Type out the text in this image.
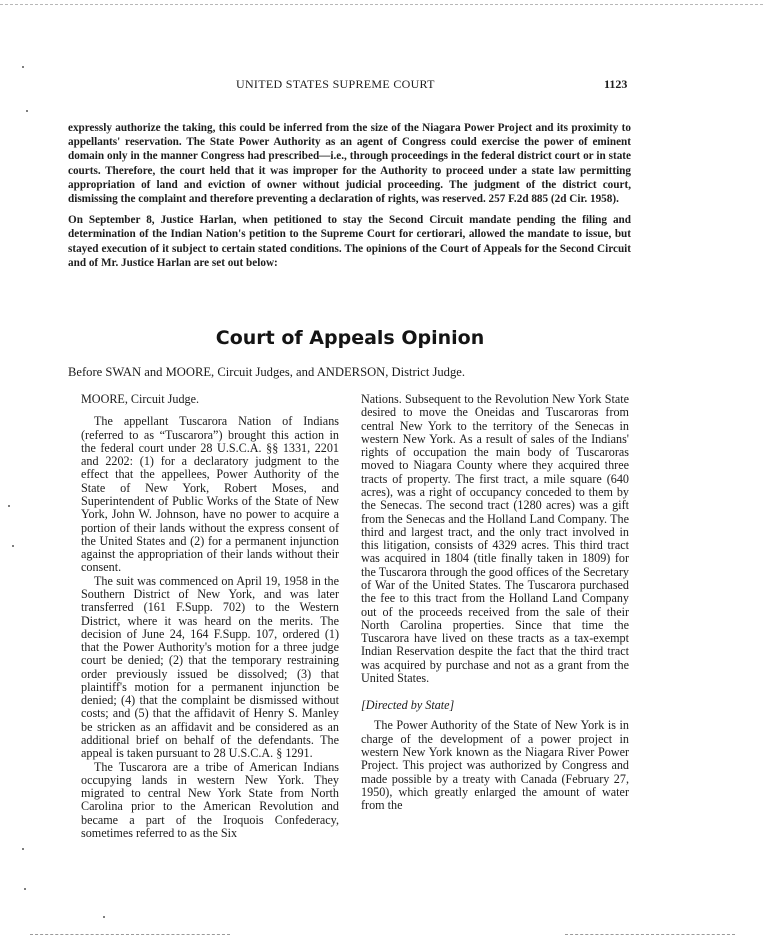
UNITED STATES SUPREME COURT	1123

expressly authorize the taking, this could be inferred from the size of the Niagara Power Project and its proximity to appellants' reservation. The State Power Authority as an agent of Congress could exercise the power of eminent domain only in the manner Congress had prescribed—i.e., through proceedings in the federal district court or in state courts. Therefore, the court held that it was improper for the Authority to proceed under a state law permitting appropriation of land and eviction of owner without judicial proceeding. The judgment of the district court, dismissing the complaint and therefore preventing a declaration of rights, was reserved. 257 F.2d 885 (2d Cir. 1958).

On September 8, Justice Harlan, when petitioned to stay the Second Circuit mandate pending the filing and determination of the Indian Nation's petition to the Supreme Court for certiorari, allowed the mandate to issue, but stayed execution of it subject to certain stated conditions. The opinions of the Court of Appeals for the Second Circuit and of Mr. Justice Harlan are set out below:

Court of Appeals Opinion
Before SWAN and MOORE, Circuit Judges, and ANDERSON, District Judge.

MOORE, Circuit Judge.

The appellant Tuscarora Nation of Indians (referred to as “Tuscarora”) brought this action in the federal court under 28 U.S.C.A. §§ 1331, 2201 and 2202: (1) for a declaratory judgment to the effect that the appellees, Power Authority of the State of New York, Robert Moses, and Superintendent of Public Works of the State of New York, John W. Johnson, have no power to acquire a portion of their lands without the express consent of the United States and (2) for a permanent injunction against the appropriation of their lands without their consent.

The suit was commenced on April 19, 1958 in the Southern District of New York, and was later transferred (161 F.Supp. 702) to the Western District, where it was heard on the merits. The decision of June 24, 164 F.Supp. 107, ordered (1) that the Power Authority's motion for a three judge court be denied; (2) that the temporary restraining order previously issued be dissolved; (3) that plaintiff's motion for a permanent injunction be denied; (4) that the complaint be dismissed without costs; and (5) that the affidavit of Henry S. Manley be stricken as an affidavit and be considered as an additional brief on behalf of the defendants. The appeal is taken pursuant to 28 U.S.C.A. § 1291.

The Tuscarora are a tribe of American Indians occupying lands in western New York. They migrated to central New York State from North Carolina prior to the American Revolution and became a part of the Iroquois Confederacy, sometimes referred to as the Six

Nations. Subsequent to the Revolution New York State desired to move the Oneidas and Tuscaroras from central New York to the territory of the Senecas in western New York. As a result of sales of the Indians' rights of occupation the main body of Tuscaroras moved to Niagara County where they acquired three tracts of property. The first tract, a mile square (640 acres), was a right of occupancy conceded to them by the Senecas. The second tract (1280 acres) was a gift from the Senecas and the Holland Land Company. The third and largest tract, and the only tract involved in this litigation, consists of 4329 acres. This third tract was acquired in 1804 (title finally taken in 1809) for the Tuscarora through the good offices of the Secretary of War of the United States. The Tuscarora purchased the fee to this tract from the Holland Land Company out of the proceeds received from the sale of their North Carolina properties. Since that time the Tuscarora have lived on these tracts as a tax-exempt Indian Reservation despite the fact that the third tract was acquired by purchase and not as a grant from the United States.

[Directed by State]

The Power Authority of the State of New York is in charge of the development of a power project in western New York known as the Niagara River Power Project. This project was authorized by Congress and made possible by a treaty with Canada (February 27, 1950), which greatly enlarged the amount of water from the
